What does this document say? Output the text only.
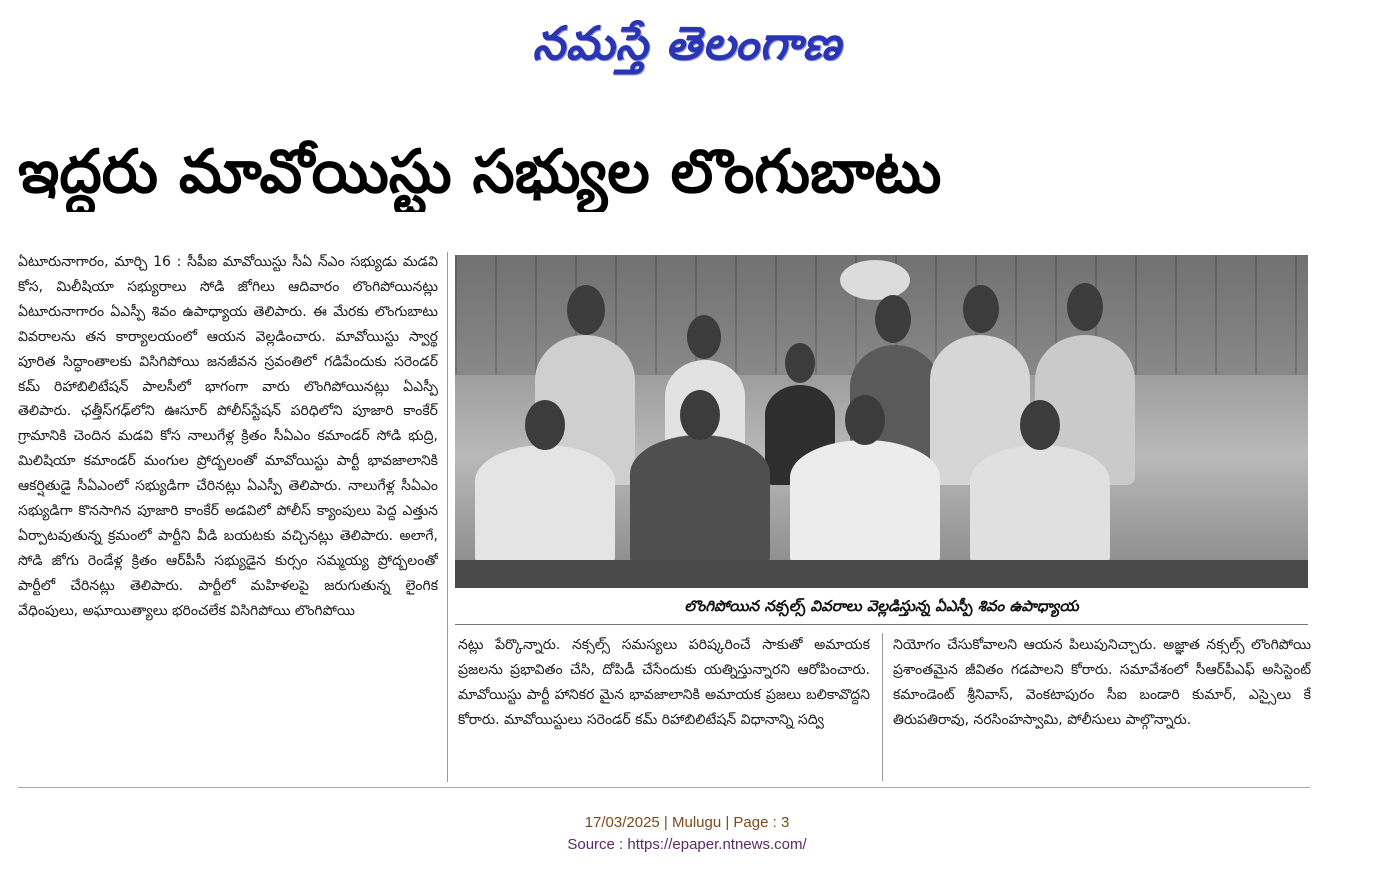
నమస్తే తెలంగాణ
ఇద్దరు మావోయిస్టు సభ్యుల లొంగుబాటు
ఏటూరునాగారం, మార్చి 16 : సీపీఐ మావోయిస్టు సీఏ న్‌ఎం సభ్యుడు మడవి కోస, మిలీషియా సభ్యురాలు సోడి జోగిలు ఆదివారం లొంగిపోయినట్లు ఏటూరునాగారం ఏఎస్పీ శివం ఉపాధ్యాయ తెలిపారు. ఈ మేరకు లొంగుబాటు వివరాలను తన కార్యాలయంలో ఆయన వెల్లడించారు. మావోయిస్టు స్వార్థ పూరిత సిద్ధాంతాలకు విసిగిపోయి జనజీవన స్రవంతిలో గడిపేందుకు సరెండర్ కమ్ రిహాబిలిటేషన్ పాలసీలో భాగంగా వారు లొంగిపోయినట్లు ఏఎస్పీ తెలిపారు. ఛత్తీస్‌గఢ్‌లోని ఊసూర్ పోలీస్‌స్టేషన్ పరిధిలోని పూజారి కాంకేర్ గ్రామానికి చెందిన మడవి కోస నాలుగేళ్ల క్రితం సీఏఎం కమాండర్ సోడి భుద్రి, మిలిషియా కమాండర్ మంగుల ప్రోద్బలంతో మావోయిస్టు పార్టీ భావజాలానికి ఆకర్షితుడై సీఏఎంలో సభ్యుడిగా చేరినట్లు ఏఎస్పీ తెలిపారు. నాలుగేళ్ల సీఏఎం సభ్యుడిగా కొనసాగిన పూజారి కాంకేర్ అడవిలో పోలీస్ క్యాంపులు పెద్ద ఎత్తున ఏర్పాటవుతున్న క్రమంలో పార్టీని వీడి బయటకు వచ్చినట్లు తెలిపారు. అలాగే, సోడి జోగు రెండేళ్ల క్రితం ఆర్‌పీసీ సభ్యుడైన కుర్సం సమ్మయ్య ప్రోద్బలంతో పార్టీలో చేరినట్లు తెలిపారు. పార్టీలో మహిళలపై జరుగుతున్న లైంగిక వేధింపులు, అఘాయిత్యాలు భరించలేక విసిగిపోయి లొంగిపోయి	లొంగిపోయిన నక్సల్స్ వివరాలు వెల్లడిస్తున్న ఏఎస్పీ శివం ఉపాధ్యాయ
నట్లు పేర్కొన్నారు. నక్సల్స్ సమస్యలు పరిష్కరించే సాకుతో అమాయక ప్రజలను ప్రభావితం చేసి, దోపిడీ చేసేందుకు యత్నిస్తున్నారని ఆరోపించారు. మావోయిస్టు పార్టీ హానికర మైన భావజాలానికి అమాయక ప్రజలు బలికావొద్దని కోరారు. మావోయిస్టులు సరెండర్ కమ్ రిహాబిలిటేషన్ విధానాన్ని సద్వి
నియోగం చేసుకోవాలని ఆయన పిలుపునిచ్చారు. అజ్ఞాత నక్సల్స్ లొంగిపోయి ప్రశాంతమైన జీవితం గడపాలని కోరారు. సమావేశంలో సీఆర్‌పీఎఫ్ అసిస్టెంట్ కమాండెంట్ శ్రీనివాస్, వెంకటాపురం సీఐ బండారి కుమార్, ఎస్సైలు కే తిరుపతిరావు, నరసింహస్వామి, పోలీసులు పాల్గొన్నారు.
17/03/2025 | Mulugu | Page : 3
Source : https://epaper.ntnews.com/
